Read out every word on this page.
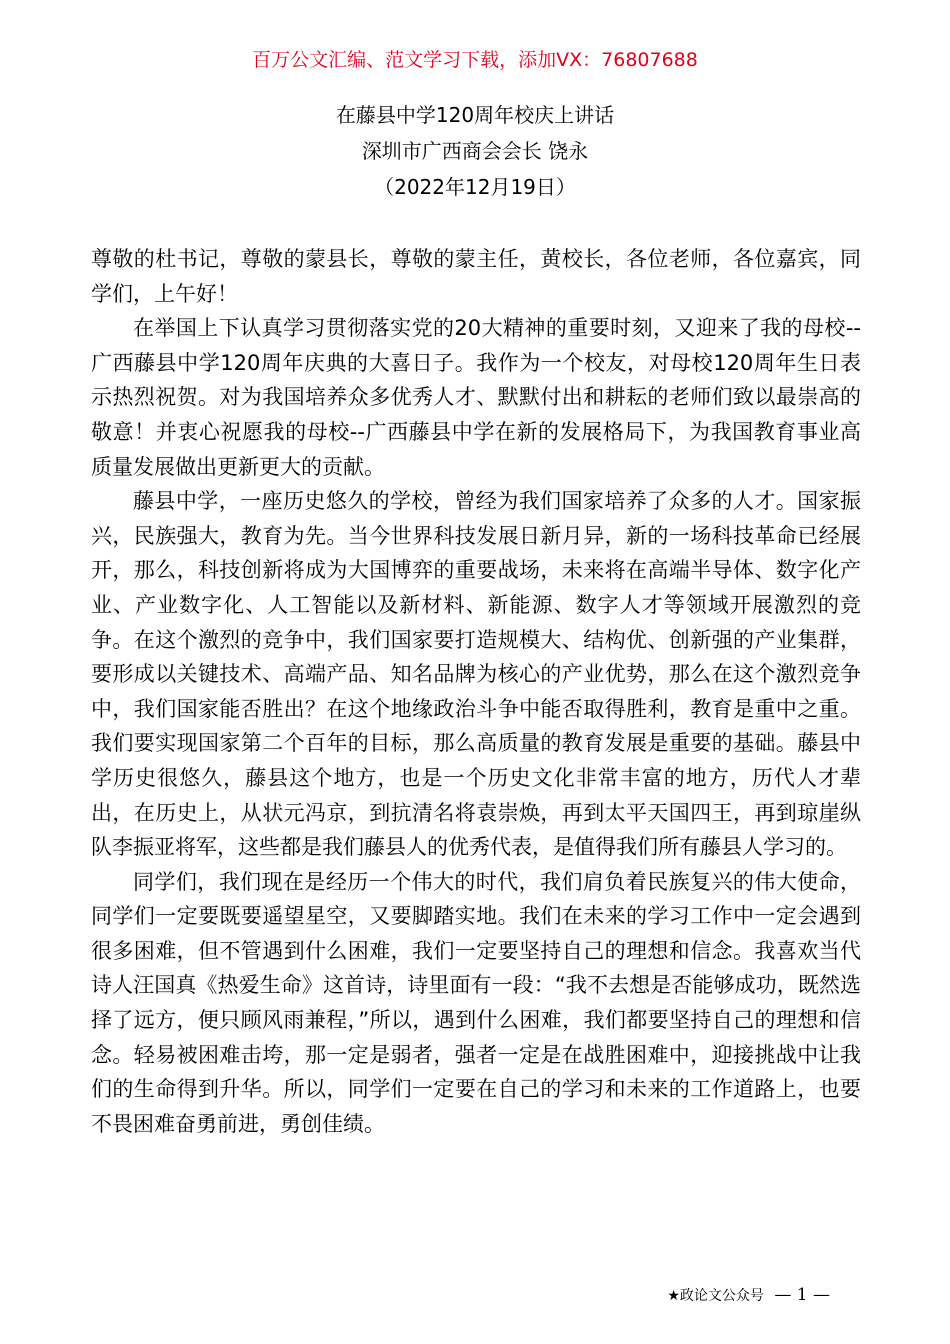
百万公文汇编、范文学习下载，添加VX：76807688
在藤县中学120周年校庆上讲话
深圳市广西商会会长 饶永
（2022年12月19日）

尊敬的杜书记，尊敬的蒙县长，尊敬的蒙主任，黄校长，各位老师，各位嘉宾，同学们，上午好！

在举国上下认真学习贯彻落实党的20大精神的重要时刻，又迎来了我的母校--广西藤县中学120周年庆典的大喜日子。我作为一个校友，对母校120周年生日表示热烈祝贺。对为我国培养众多优秀人才、默默付出和耕耘的老师们致以最崇高的敬意！并衷心祝愿我的母校--广西藤县中学在新的发展格局下，为我国教育事业高质量发展做出更新更大的贡献。

藤县中学，一座历史悠久的学校，曾经为我们国家培养了众多的人才。国家振兴，民族强大，教育为先。当今世界科技发展日新月异，新的一场科技革命已经展开，那么，科技创新将成为大国博弈的重要战场，未来将在高端半导体、数字化产业、产业数字化、人工智能以及新材料、新能源、数字人才等领域开展激烈的竞争。在这个激烈的竞争中，我们国家要打造规模大、结构优、创新强的产业集群，要形成以关键技术、高端产品、知名品牌为核心的产业优势，那么在这个激烈竞争中，我们国家能否胜出？在这个地缘政治斗争中能否取得胜利，教育是重中之重。我们要实现国家第二个百年的目标，那么高质量的教育发展是重要的基础。藤县中学历史很悠久，藤县这个地方，也是一个历史文化非常丰富的地方，历代人才辈出，在历史上，从状元冯京，到抗清名将袁崇焕，再到太平天国四王，再到琼崖纵队李振亚将军，这些都是我们藤县人的优秀代表，是值得我们所有藤县人学习的。

同学们，我们现在是经历一个伟大的时代，我们肩负着民族复兴的伟大使命，同学们一定要既要遥望星空，又要脚踏实地。我们在未来的学习工作中一定会遇到很多困难，但不管遇到什么困难，我们一定要坚持自己的理想和信念。我喜欢当代诗人汪国真《热爱生命》这首诗，诗里面有一段：“我不去想是否能够成功，既然选择了远方，便只顾风雨兼程，”所以，遇到什么困难，我们都要坚持自己的理想和信念。轻易被困难击垮，那一定是弱者，强者一定是在战胜困难中，迎接挑战中让我们的生命得到升华。所以，同学们一定要在自己的学习和未来的工作道路上，也要不畏困难奋勇前进，勇创佳绩。

★政论文公众号 — 1 —
